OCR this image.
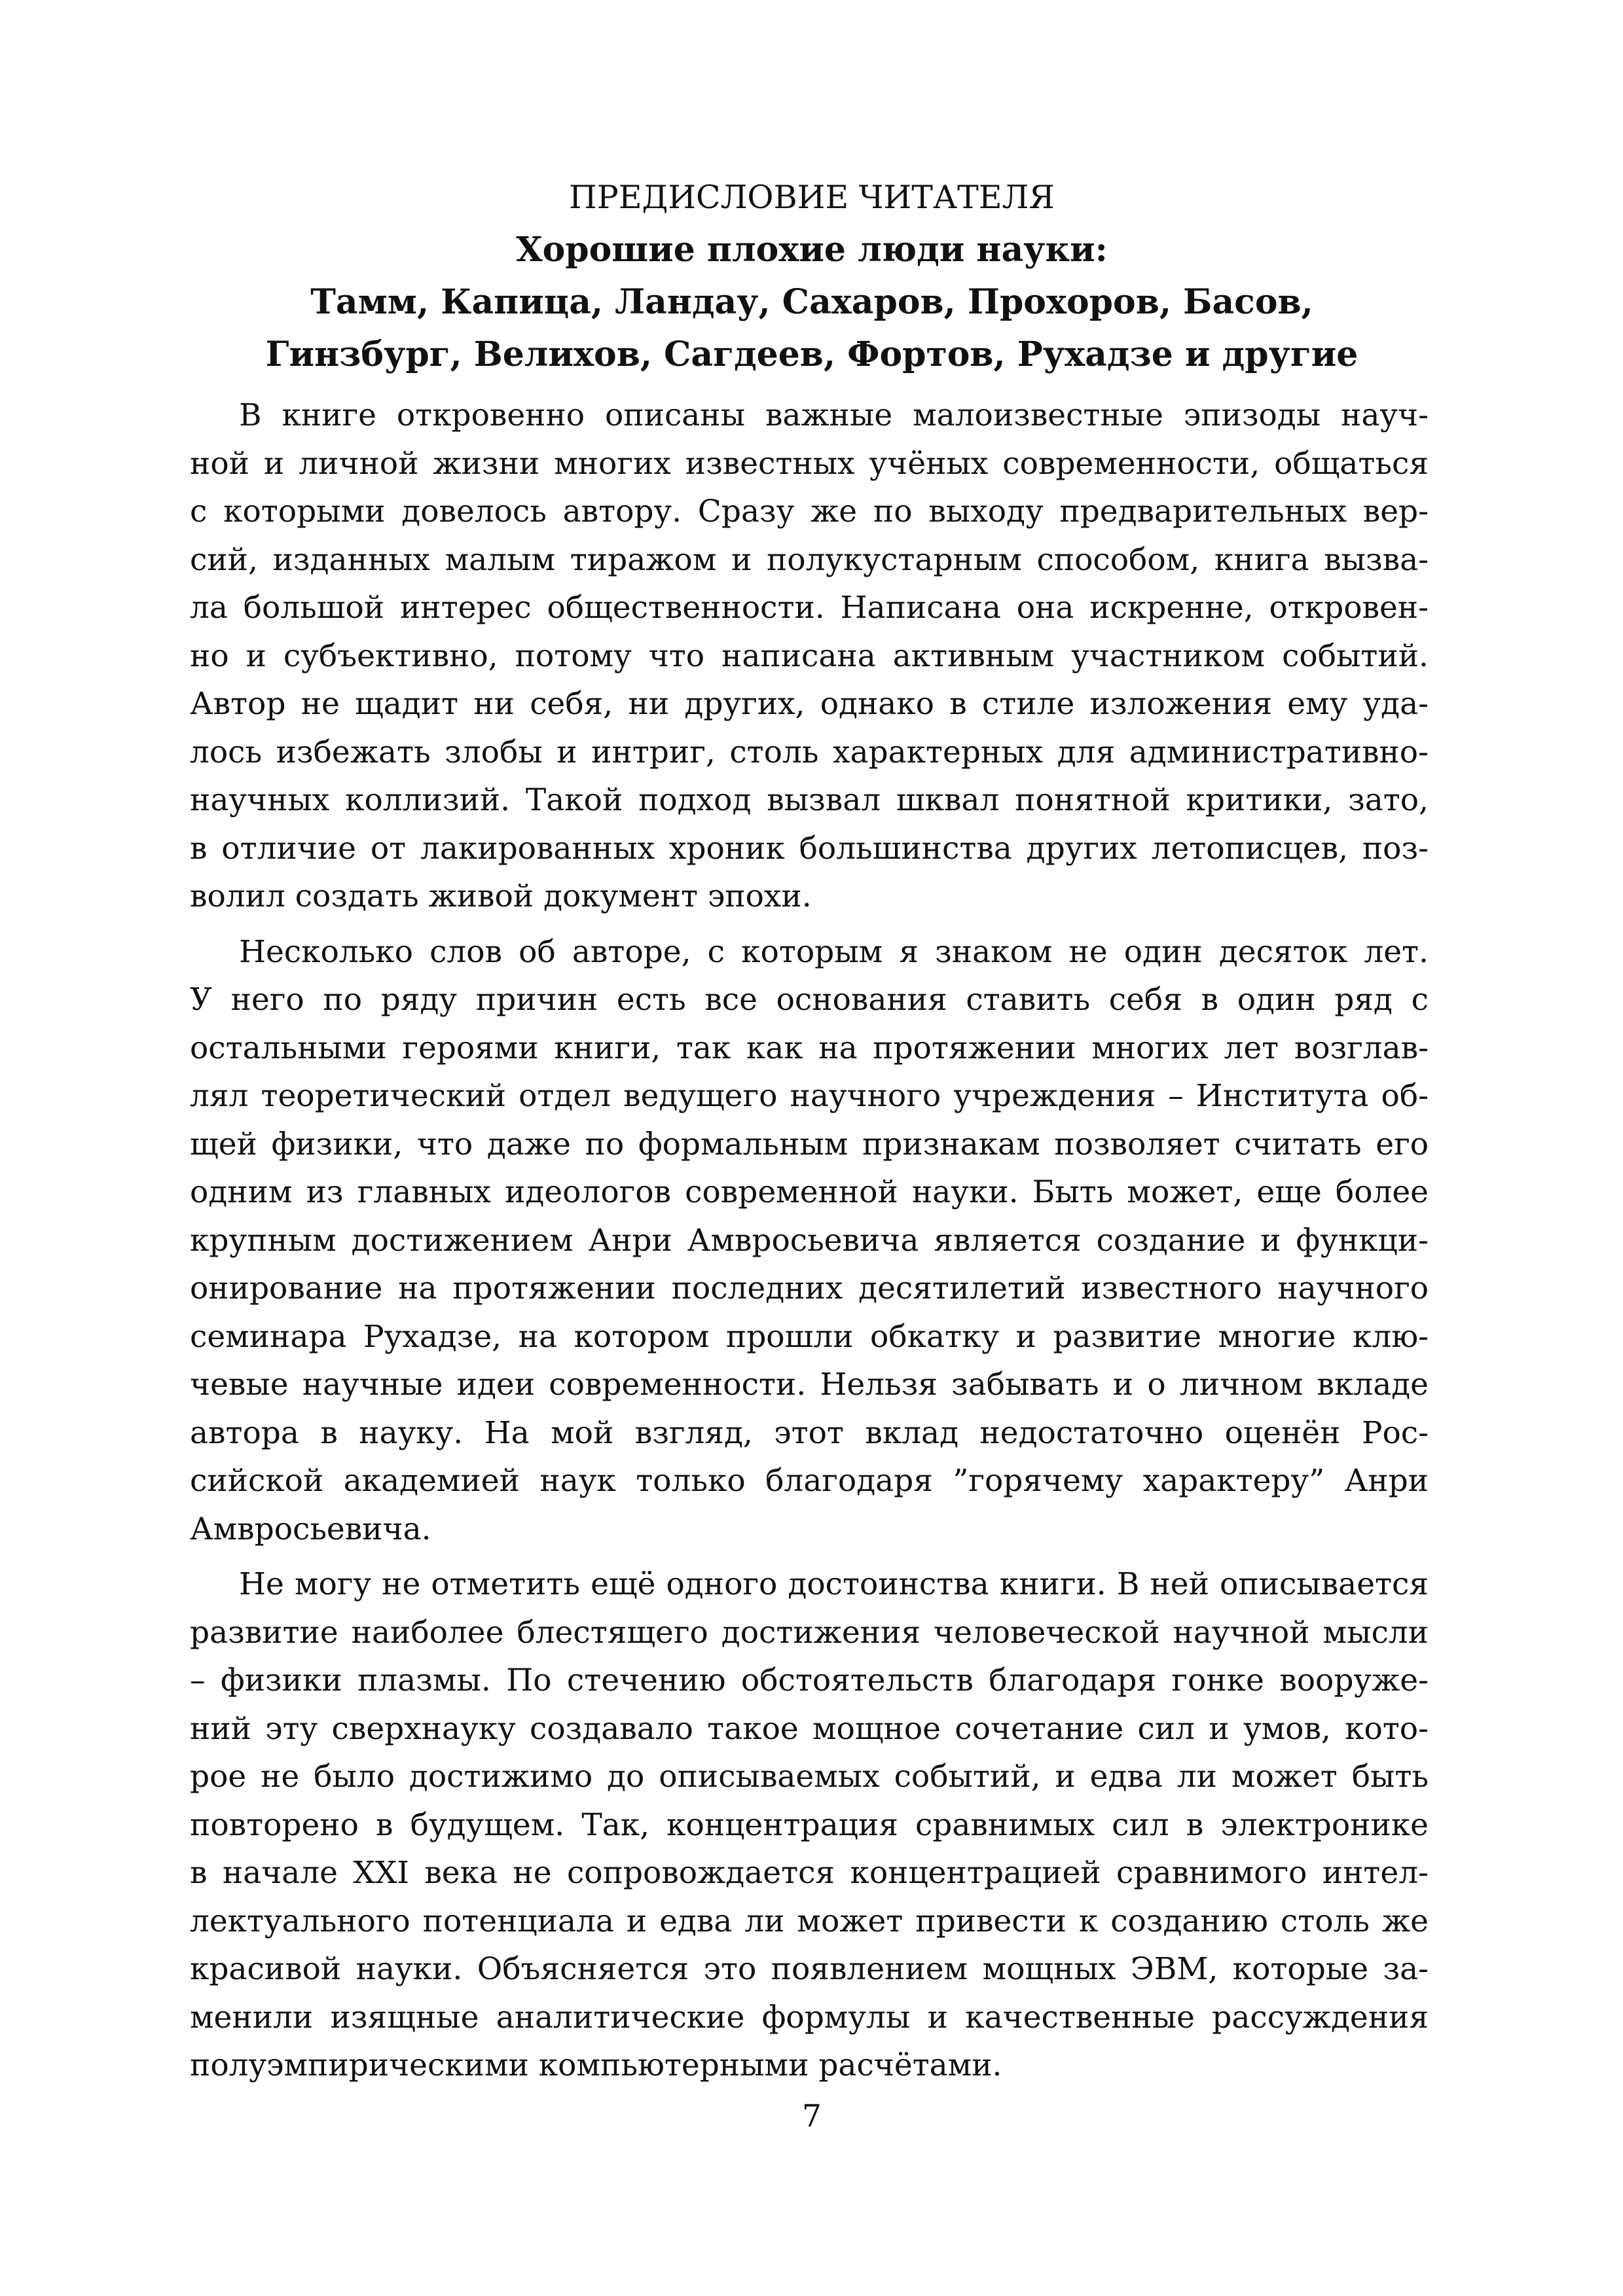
ПРЕДИСЛОВИЕ ЧИТАТЕЛЯ
Хорошие плохие люди науки:
Тамм, Капица, Ландау, Сахаров, Прохоров, Басов,
Гинзбург, Велихов, Сагдеев, Фортов, Рухадзе и другие
В книге откровенно описаны важные малоизвестные эпизоды науч-
ной и личной жизни многих известных учёных современности, общаться
с которыми довелось автору. Сразу же по выходу предварительных вер-
сий, изданных малым тиражом и полукустарным способом, книга вызва-
ла большой интерес общественности. Написана она искренне, откровен-
но и субъективно, потому что написана активным участником событий.
Автор не щадит ни себя, ни других, однако в стиле изложения ему уда-
лось избежать злобы и интриг, столь характерных для административно-
научных коллизий. Такой подход вызвал шквал понятной критики, зато,
в отличие от лакированных хроник большинства других летописцев, поз-
волил создать живой документ эпохи.
Несколько слов об авторе, с которым я знаком не один десяток лет.
У него по ряду причин есть все основания ставить себя в один ряд с
остальными героями книги, так как на протяжении многих лет возглав-
лял теоретический отдел ведущего научного учреждения – Института об-
щей физики, что даже по формальным признакам позволяет считать его
одним из главных идеологов современной науки. Быть может, еще более
крупным достижением Анри Амвросьевича является создание и функци-
онирование на протяжении последних десятилетий известного научного
семинара Рухадзе, на котором прошли обкатку и развитие многие клю-
чевые научные идеи современности. Нельзя забывать и о личном вкладе
автора в науку. На мой взгляд, этот вклад недостаточно оценён Рос-
сийской академией наук только благодаря ”горячему характеру” Анри
Амвросьевича.
Не могу не отметить ещё одного достоинства книги. В ней описывается
развитие наиболее блестящего достижения человеческой научной мысли
– физики плазмы. По стечению обстоятельств благодаря гонке вооруже-
ний эту сверхнауку создавало такое мощное сочетание сил и умов, кото-
рое не было достижимо до описываемых событий, и едва ли может быть
повторено в будущем. Так, концентрация сравнимых сил в электронике
в начале XXI века не сопровождается концентрацией сравнимого интел-
лектуального потенциала и едва ли может привести к созданию столь же
красивой науки. Объясняется это появлением мощных ЭВМ, которые за-
менили изящные аналитические формулы и качественные рассуждения
полуэмпирическими компьютерными расчётами.
7
